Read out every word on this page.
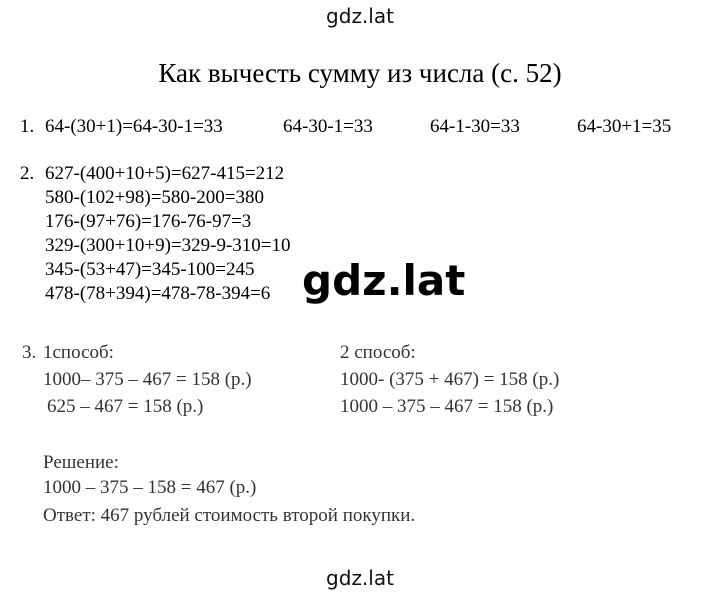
gdz.lat
Как вычесть сумму из числа (с. 52)
1. 64-(30+1)=64-30-1=33	64-30-1=33	64-1-30=33	64-30+1=35
2. 627-(400+10+5)=627-415=212
580-(102+98)=580-200=380
176-(97+76)=176-76-97=3
329-(300+10+9)=329-9-310=10
345-(53+47)=345-100=245
478-(78+394)=478-78-394=6 gdz.lat
3. 1способ:
1000– 375 – 467 = 158 (р.)
625 – 467 = 158 (р.)
2 способ:
1000- (375 + 467) = 158 (р.)
1000 – 375 – 467 = 158 (р.)
Решение:
1000 – 375 – 158 = 467 (р.)
Ответ: 467 рублей стоимость второй покупки.
gdz.lat
